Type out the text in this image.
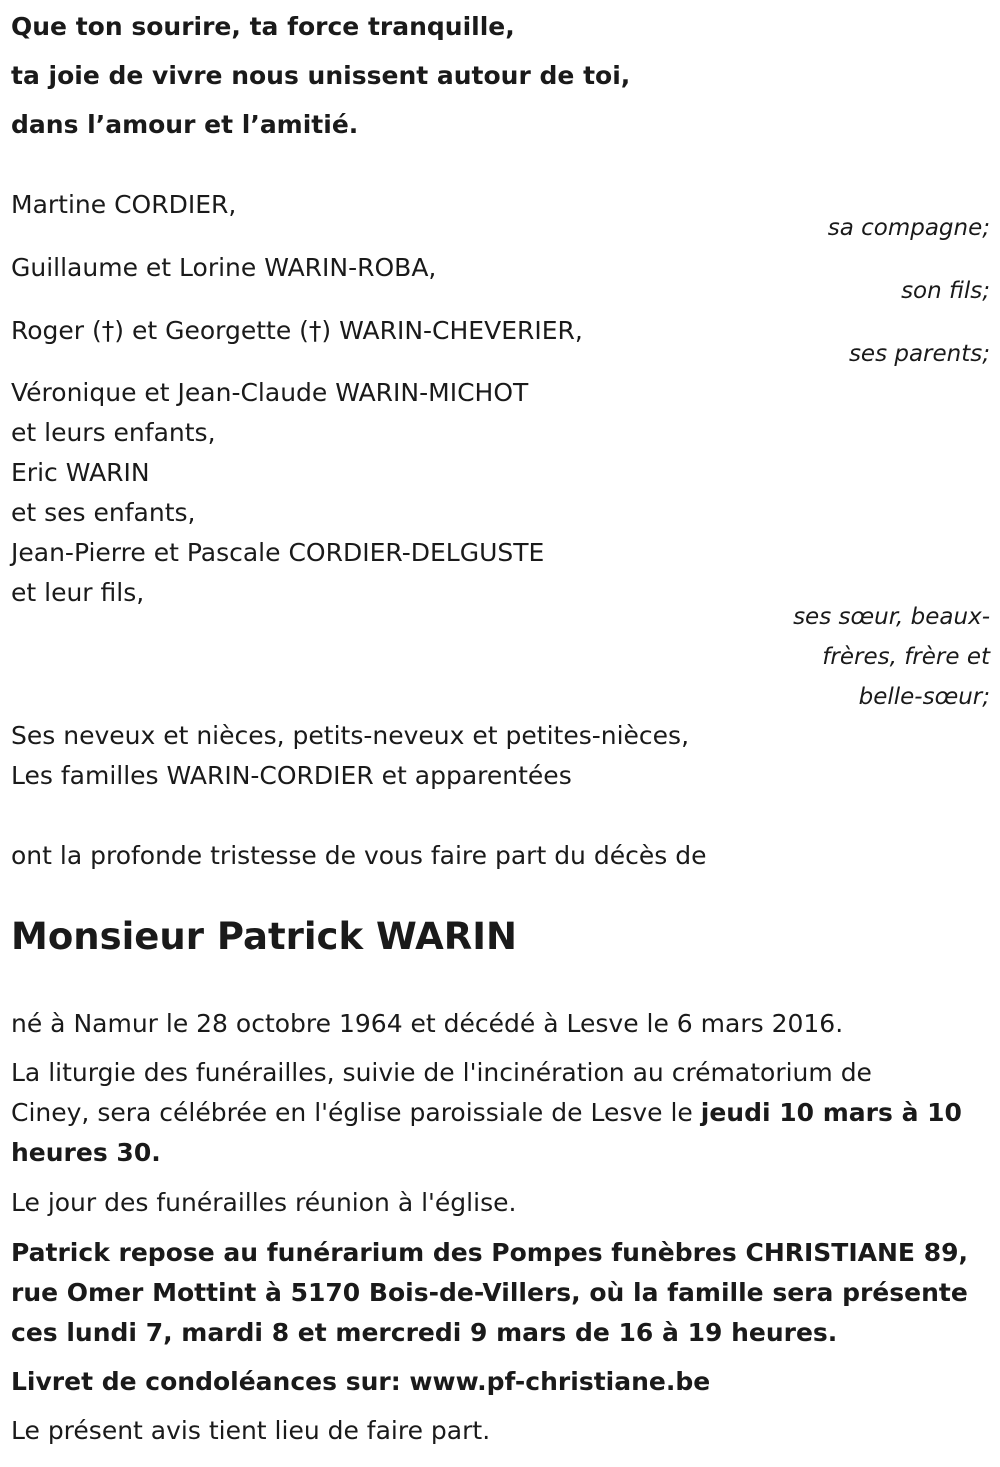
Que ton sourire, ta force tranquille,
ta joie de vivre nous unissent autour de toi,
dans l’amour et l’amitié.
Martine CORDIER,
sa compagne;
Guillaume et Lorine WARIN-ROBA,
son fils;
Roger (†) et Georgette (†) WARIN-CHEVERIER,
ses parents;
Véronique et Jean-Claude WARIN-MICHOT
et leurs enfants,
Eric WARIN
et ses enfants,
Jean-Pierre et Pascale CORDIER-DELGUSTE
et leur fils,
ses sœur, beaux-
frères, frère et
belle-sœur;
Ses neveux et nièces, petits-neveux et petites-nièces,
Les familles WARIN-CORDIER et apparentées
ont la profonde tristesse de vous faire part du décès de
Monsieur Patrick WARIN
né à Namur le 28 octobre 1964 et décédé à Lesve le 6 mars 2016.
La liturgie des funérailles, suivie de l'incinération au crématorium de
Ciney, sera célébrée en l'église paroissiale de Lesve le jeudi 10 mars à 10
heures 30.
Le jour des funérailles réunion à l'église.
Patrick repose au funérarium des Pompes funèbres CHRISTIANE 89,
rue Omer Mottint à 5170 Bois-de-Villers, où la famille sera présente
ces lundi 7, mardi 8 et mercredi 9 mars de 16 à 19 heures.
Livret de condoléances sur: www.pf-christiane.be
Le présent avis tient lieu de faire part.
